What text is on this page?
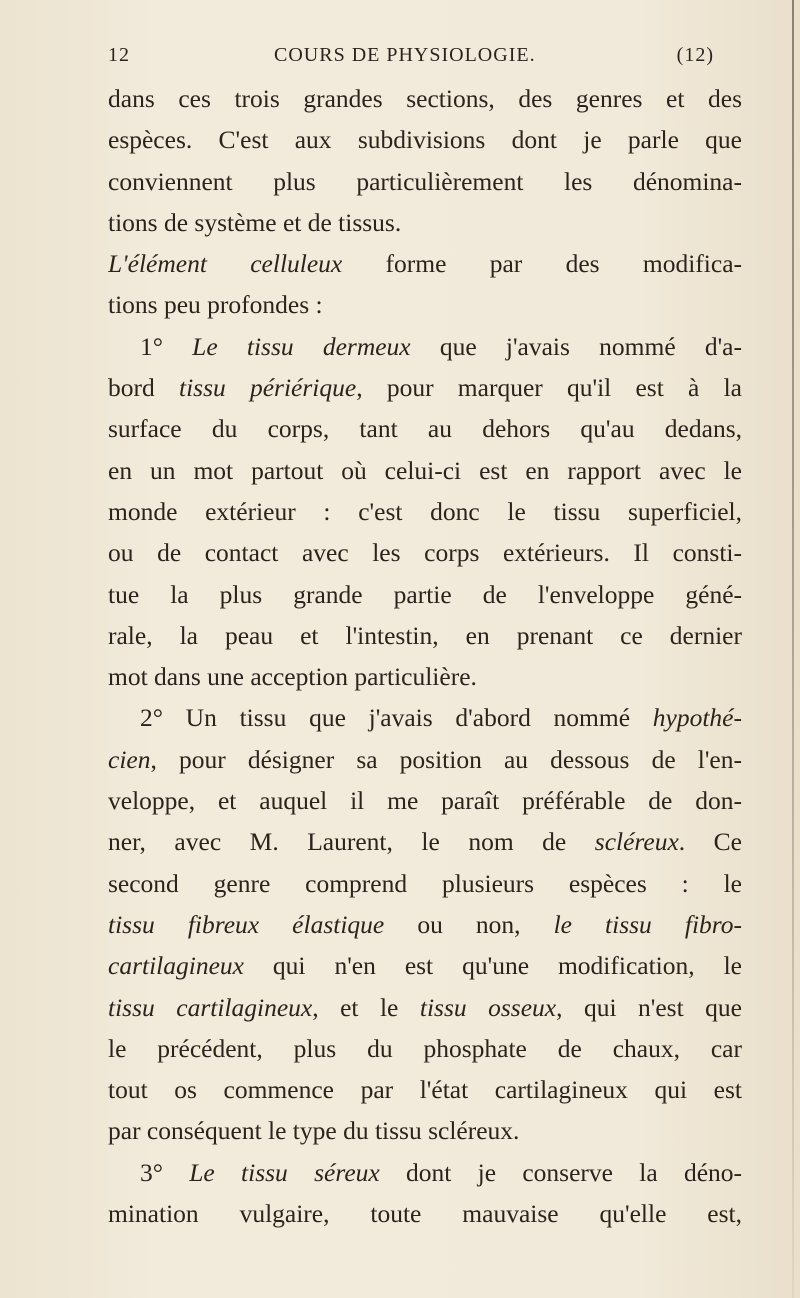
12	COURS DE PHYSIOLOGIE.	(12)
dans ces trois grandes sections, des genres et des
espèces. C'est aux subdivisions dont je parle que
conviennent plus particulièrement les dénomina-
tions de système et de tissus.
L'élément celluleux forme par des modifica-
tions peu profondes :
1° Le tissu dermeux que j'avais nommé d'a-
bord tissu périérique, pour marquer qu'il est à la
surface du corps, tant au dehors qu'au dedans,
en un mot partout où celui-ci est en rapport avec le
monde extérieur : c'est donc le tissu superficiel,
ou de contact avec les corps extérieurs. Il consti-
tue la plus grande partie de l'enveloppe géné-
rale, la peau et l'intestin, en prenant ce dernier
mot dans une acception particulière.
2° Un tissu que j'avais d'abord nommé hypothé-
cien, pour désigner sa position au dessous de l'en-
veloppe, et auquel il me paraît préférable de don-
ner, avec M. Laurent, le nom de scléreux. Ce
second genre comprend plusieurs espèces : le
tissu fibreux élastique ou non, le tissu fibro-
cartilagineux qui n'en est qu'une modification, le
tissu cartilagineux, et le tissu osseux, qui n'est que
le précédent, plus du phosphate de chaux, car
tout os commence par l'état cartilagineux qui est
par conséquent le type du tissu scléreux.
3° Le tissu séreux dont je conserve la déno-
mination vulgaire, toute mauvaise qu'elle est,
